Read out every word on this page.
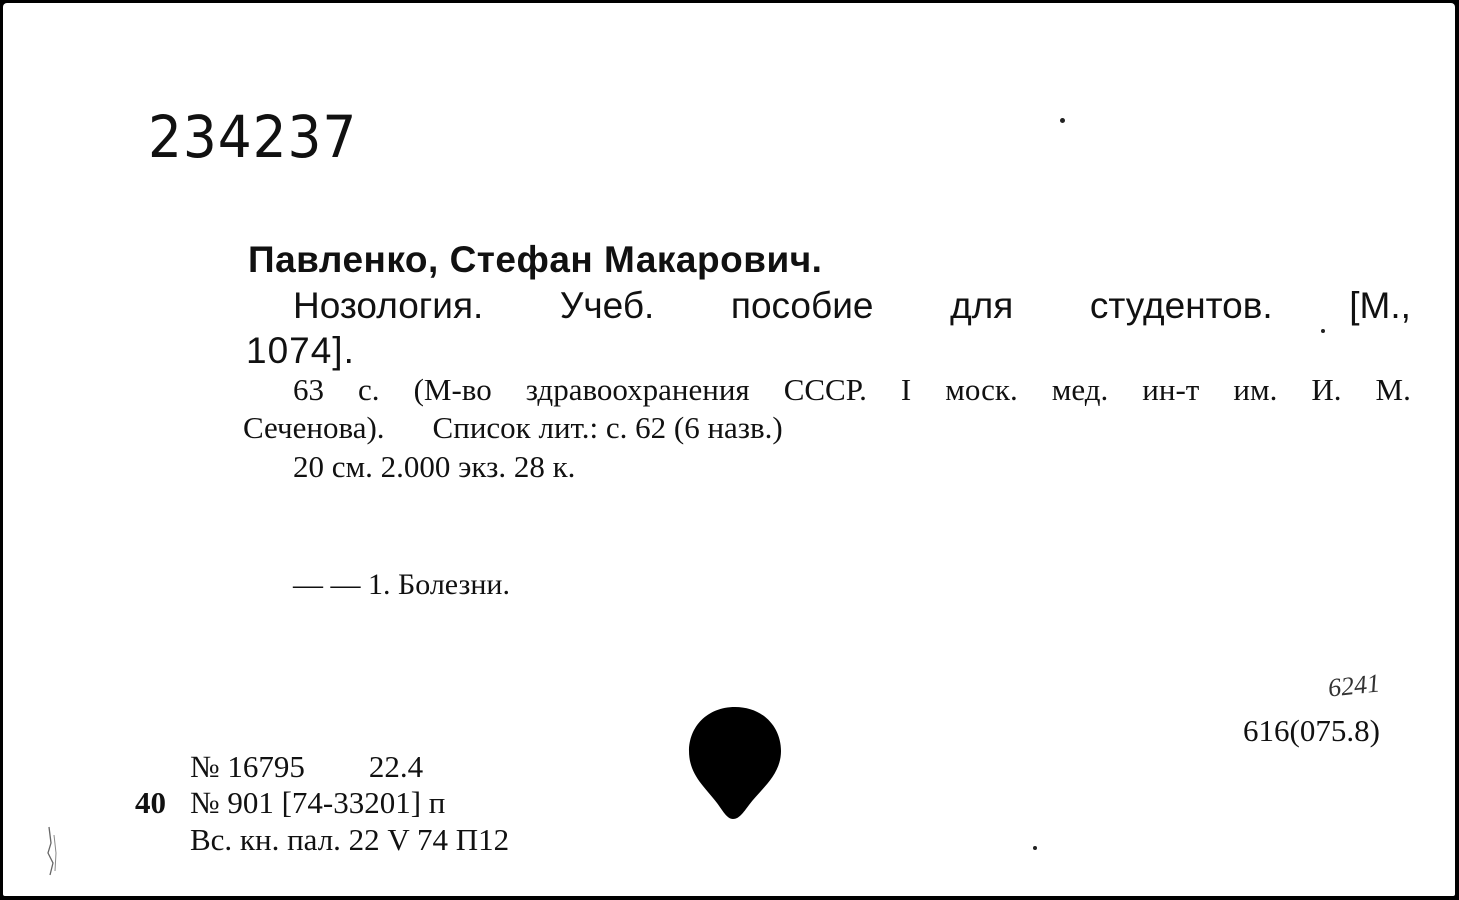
234237
Павленко, Стефан Макарович.
Нозология. Учеб. пособие для студентов. [М.,
1074].
63 с. (М-во здравоохранения СССР. I моск. мед. ин-т им. И. М.
Сеченова). Список лит.: с. 62 (6 назв.)
20 см. 2.000 экз. 28 к.
— — 1. Болезни.
6241
616(075.8)
№ 16795 22.4
40 № 901 [74-33201] п
Вс. кн. пал. 22 V 74 П12
